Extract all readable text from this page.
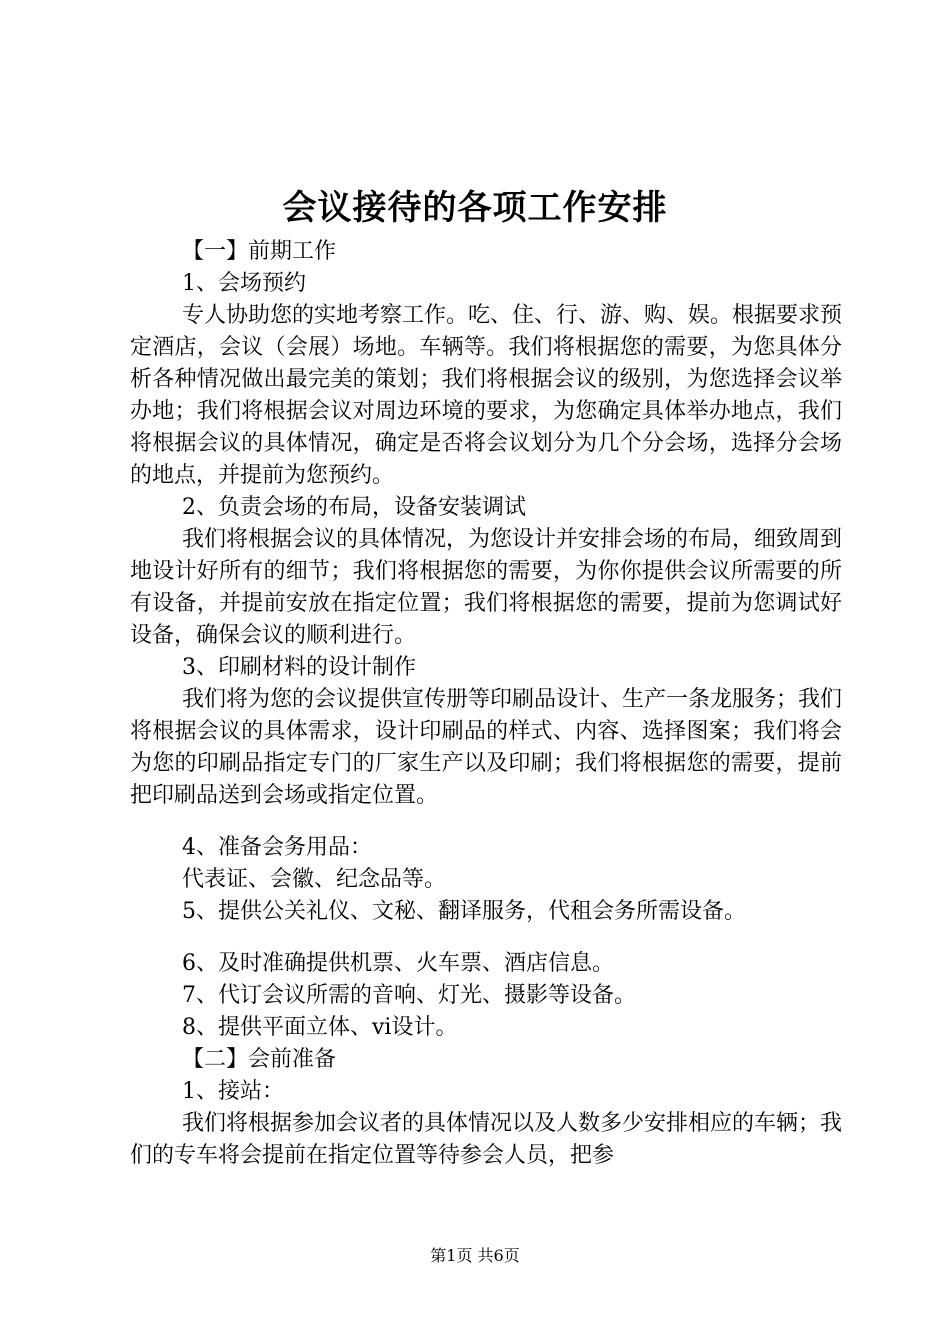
会议接待的各项工作安排
【一】前期工作
1、会场预约

专人协助您的实地考察工作。吃、住、行、游、购、娱。根据要求预定酒店，会议（会展）场地。车辆等。我们将根据您的需要，为您具体分析各种情况做出最完美的策划；我们将根据会议的级别，为您选择会议举办地；我们将根据会议对周边环境的要求，为您确定具体举办地点，我们将根据会议的具体情况，确定是否将会议划分为几个分会场，选择分会场的地点，并提前为您预约。

2、负责会场的布局，设备安装调试

我们将根据会议的具体情况，为您设计并安排会场的布局，细致周到地设计好所有的细节；我们将根据您的需要，为你你提供会议所需要的所有设备，并提前安放在指定位置；我们将根据您的需要，提前为您调试好设备，确保会议的顺利进行。

3、印刷材料的设计制作

我们将为您的会议提供宣传册等印刷品设计、生产一条龙服务；我们将根据会议的具体需求，设计印刷品的样式、内容、选择图案；我们将会为您的印刷品指定专门的厂家生产以及印刷；我们将根据您的需要，提前把印刷品送到会场或指定位置。

4、准备会务用品：
代表证、会徽、纪念品等。
5、提供公关礼仪、文秘、翻译服务，代租会务所需设备。
6、及时准确提供机票、火车票、酒店信息。
7、代订会议所需的音响、灯光、摄影等设备。
8、提供平面立体、vi设计。
【二】会前准备
1、接站：

我们将根据参加会议者的具体情况以及人数多少安排相应的车辆；我们的专车将会提前在指定位置等待参会人员，把参

第1页 共6页
